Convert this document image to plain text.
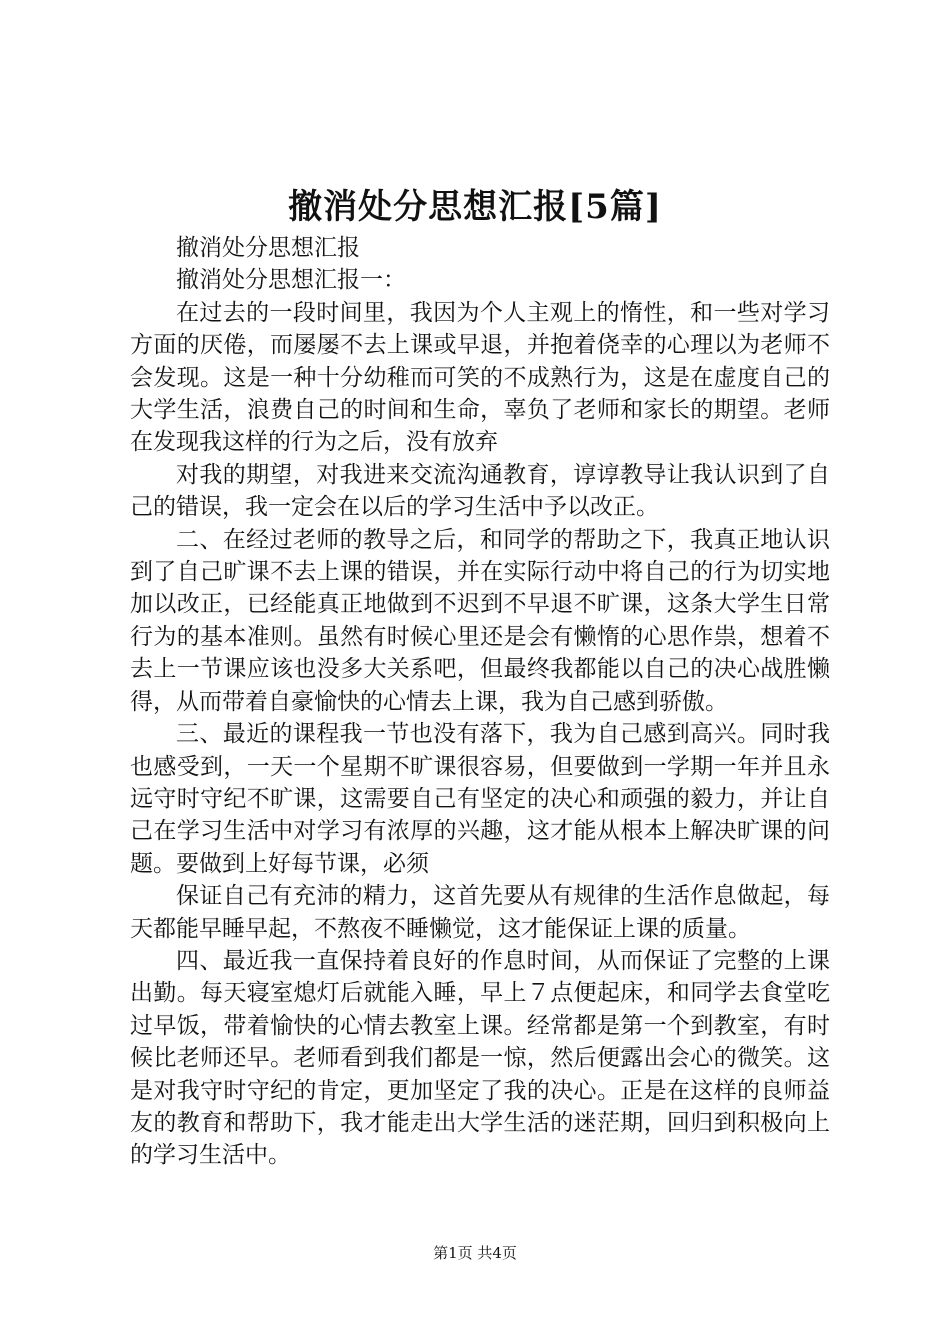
撤消处分思想汇报[5篇]

撤消处分思想汇报

撤消处分思想汇报一：

在过去的一段时间里，我因为个人主观上的惰性，和一些对学习方面的厌倦，而屡屡不去上课或早退，并抱着侥幸的心理以为老师不会发现。这是一种十分幼稚而可笑的不成熟行为，这是在虚度自己的大学生活，浪费自己的时间和生命，辜负了老师和家长的期望。老师在发现我这样的行为之后，没有放弃

对我的期望，对我进来交流沟通教育，谆谆教导让我认识到了自己的错误，我一定会在以后的学习生活中予以改正。

二、在经过老师的教导之后，和同学的帮助之下，我真正地认识到了自己旷课不去上课的错误，并在实际行动中将自己的行为切实地加以改正，已经能真正地做到不迟到不早退不旷课，这条大学生日常行为的基本准则。虽然有时候心里还是会有懒惰的心思作祟，想着不去上一节课应该也没多大关系吧，但最终我都能以自己的决心战胜懒得，从而带着自豪愉快的心情去上课，我为自己感到骄傲。

三、最近的课程我一节也没有落下，我为自己感到高兴。同时我也感受到，一天一个星期不旷课很容易，但要做到一学期一年并且永远守时守纪不旷课，这需要自己有坚定的决心和顽强的毅力，并让自己在学习生活中对学习有浓厚的兴趣，这才能从根本上解决旷课的问题。要做到上好每节课，必须

保证自己有充沛的精力，这首先要从有规律的生活作息做起，每天都能早睡早起，不熬夜不睡懒觉，这才能保证上课的质量。

四、最近我一直保持着良好的作息时间，从而保证了完整的上课出勤。每天寝室熄灯后就能入睡，早上７点便起床，和同学去食堂吃过早饭，带着愉快的心情去教室上课。经常都是第一个到教室，有时候比老师还早。老师看到我们都是一惊，然后便露出会心的微笑。这是对我守时守纪的肯定，更加坚定了我的决心。正是在这样的良师益友的教育和帮助下，我才能走出大学生活的迷茫期，回归到积极向上的学习生活中。

第1页 共4页
